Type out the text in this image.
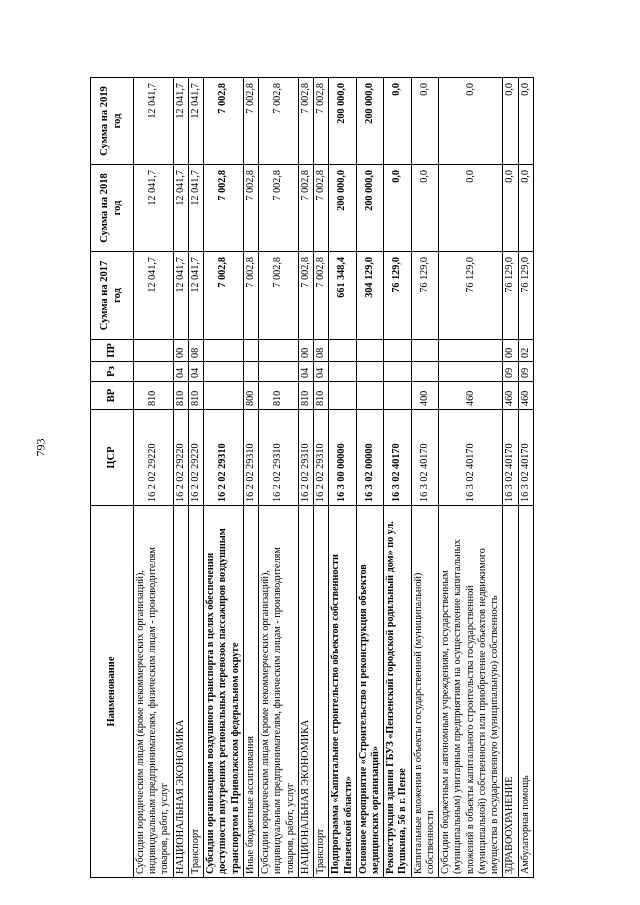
793
Наименование	ЦСР	ВР	Рз	ПР	Сумма на 2017 год	Сумма на 2018 год	Сумма на 2019 год
Субсидии юридическим лицам (кроме некоммерческих организаций), индивидуальным предпринимателям, физическим лицам - производителям товаров, работ, услуг	16 2 02 29220	810			12 041,7	12 041,7	12 041,7
НАЦИОНАЛЬНАЯ ЭКОНОМИКА	16 2 02 29220	810	04	00	12 041,7	12 041,7	12 041,7
Транспорт	16 2 02 29220	810	04	08	12 041,7	12 041,7	12 041,7
Субсидии организациям воздушного транспорта в целях обеспечения доступности внутренних региональных перевозок пассажиров воздушным транспортом в Приволжском федеральном округе	16 2 02 29310				7 002,8	7 002,8	7 002,8
Иные бюджетные ассигнования	16 2 02 29310	800			7 002,8	7 002,8	7 002,8
Субсидии юридическим лицам (кроме некоммерческих организаций), индивидуальным предпринимателям, физическим лицам - производителям товаров, работ, услуг	16 2 02 29310	810			7 002,8	7 002,8	7 002,8
НАЦИОНАЛЬНАЯ ЭКОНОМИКА	16 2 02 29310	810	04	00	7 002,8	7 002,8	7 002,8
Транспорт	16 2 02 29310	810	04	08	7 002,8	7 002,8	7 002,8
Подпрограмма «Капитальное строительство объектов собственности Пензенской области»	16 3 00 00000				661 348,4	200 000,0	200 000,0
Основное мероприятие «Строительство и реконструкция объектов медицинских организаций»	16 3 02 00000				304 129,0	200 000,0	200 000,0
Реконструкция здания ГБУЗ «Пензенский городской родильный дом» по ул. Пушкина, 56 в г. Пензе	16 3 02 40170				76 129,0	0,0	0,0
Капитальные вложения в объекты государственной (муниципальной) собственности	16 3 02 40170	400			76 129,0	0,0	0,0
Субсидии бюджетным и автономным учреждениям, государственным (муниципальным) унитарным предприятиям на осуществление капитальных вложений в объекты капитального строительства государственной (муниципальной) собственности или приобретение объектов недвижимого имущества в государственную (муниципальную) собственность	16 3 02 40170	460			76 129,0	0,0	0,0
ЗДРАВООХРАНЕНИЕ	16 3 02 40170	460	09	00	76 129,0	0,0	0,0
Амбулаторная помощь	16 3 02 40170	460	09	02	76 129,0	0,0	0,0
